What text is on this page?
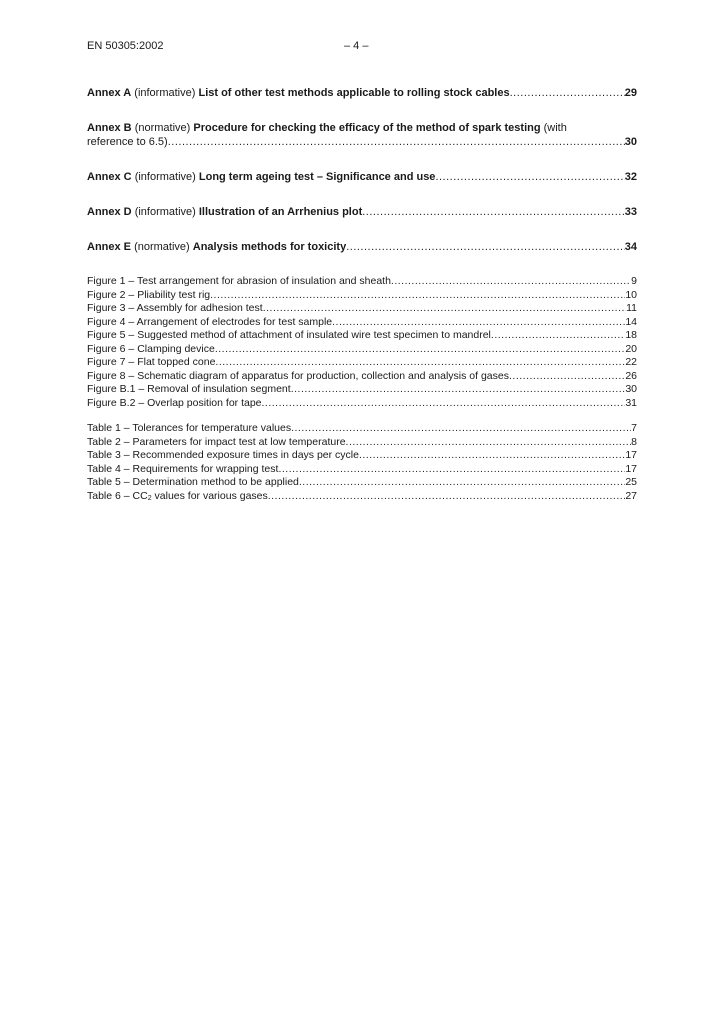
EN 50305:2002	– 4 –
Annex A (informative) List of other test methods applicable to rolling stock cables .....	29
Annex B (normative) Procedure for checking the efficacy of the method of spark testing (with
reference to 6.5) .....	30
Annex C (informative) Long term ageing test – Significance and use .....	32
Annex D (informative) Illustration of an Arrhenius plot .....	33
Annex E (normative) Analysis methods for toxicity .....	34
Figure 1 – Test arrangement for abrasion of insulation and sheath .....	9
Figure 2 – Pliability test rig .....	10
Figure 3 – Assembly for adhesion test .....	11
Figure 4 – Arrangement of electrodes for test sample .....	14
Figure 5 – Suggested method of attachment of insulated wire test specimen to mandrel .....	18
Figure 6 – Clamping device .....	20
Figure 7 – Flat topped cone .....	22
Figure 8 – Schematic diagram of apparatus for production, collection and analysis of gases .....	26
Figure B.1 – Removal of insulation segment .....	30
Figure B.2 – Overlap position for tape .....	31
Table 1 – Tolerances for temperature values .....	7
Table 2 – Parameters for impact test at low temperature .....	8
Table 3 – Recommended exposure times in days per cycle .....	17
Table 4 – Requirements for wrapping test .....	17
Table 5 – Determination method to be applied .....	25
Table $6 - CC_2$ values for various gases .....	27
